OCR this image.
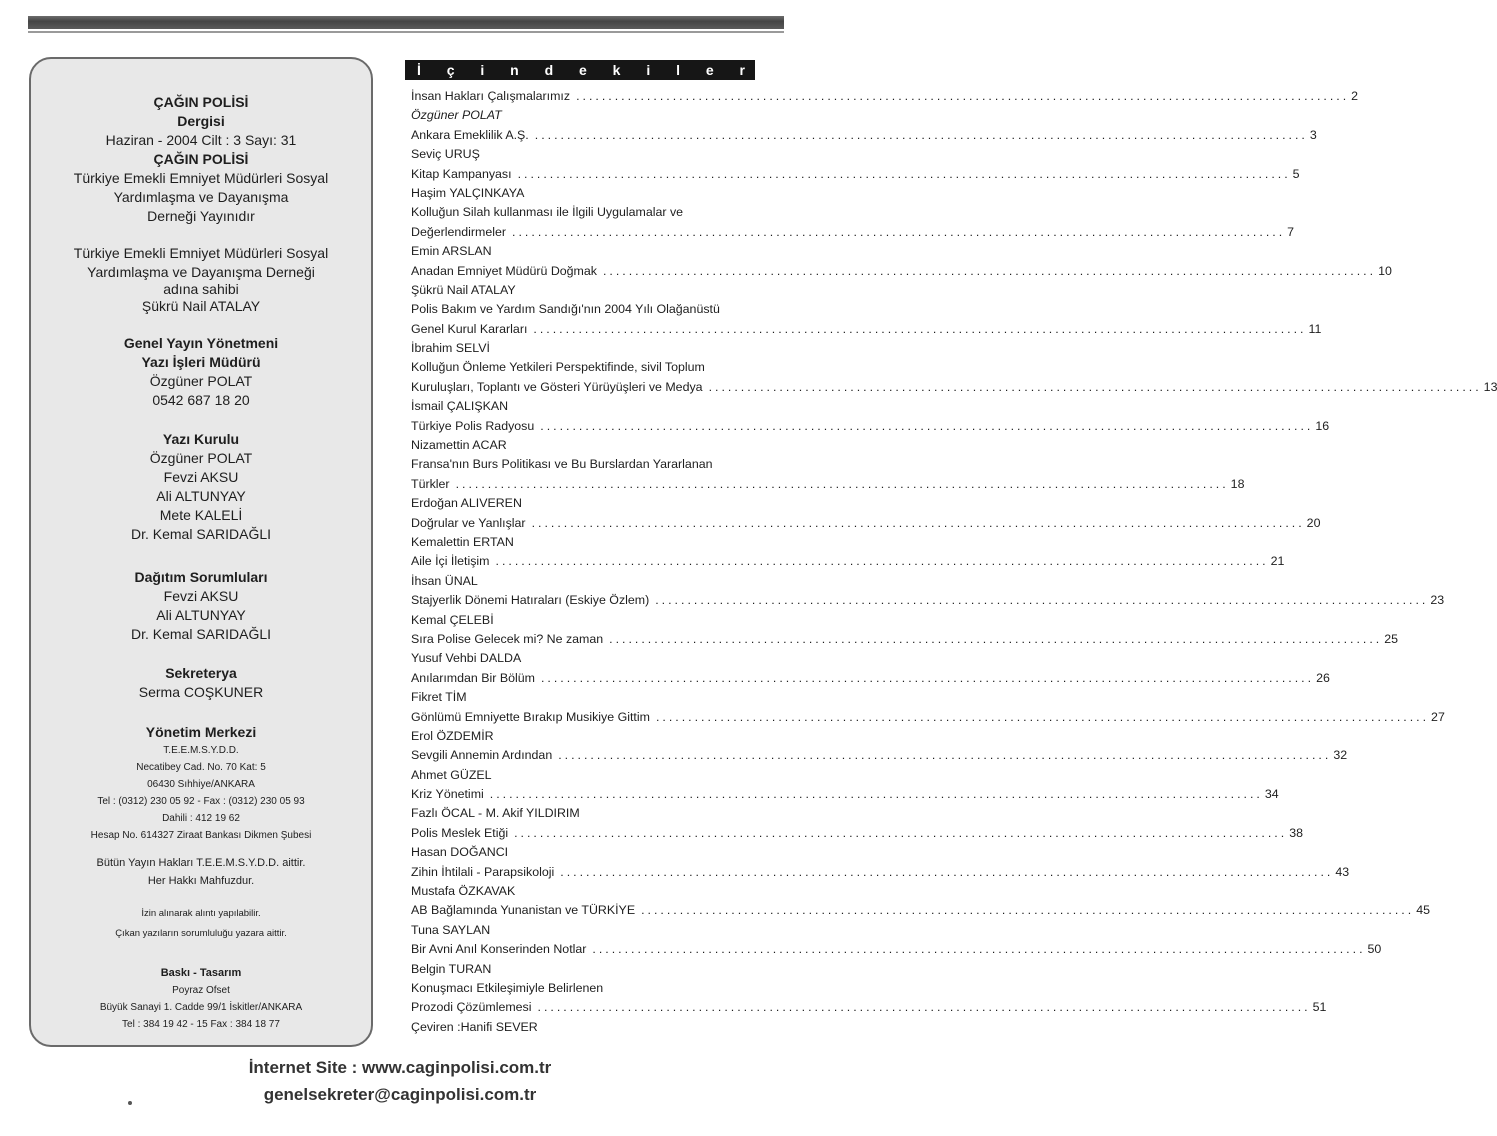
ÇAĞIN POLİSİ
Dergisi
Haziran - 2004 Cilt : 3 Sayı: 31
ÇAĞIN POLİSİ
Türkiye Emekli Emniyet Müdürleri Sosyal
Yardımlaşma ve Dayanışma
Derneği Yayınıdır
Türkiye Emekli Emniyet Müdürleri Sosyal
Yardımlaşma ve Dayanışma Derneği
adına sahibi
Şükrü Nail ATALAY
Genel Yayın Yönetmeni
Yazı İşleri Müdürü
Özgüner POLAT
0542 687 18 20
Yazı Kurulu
Özgüner POLAT
Fevzi AKSU
Ali ALTUNYAY
Mete KALELİ
Dr. Kemal SARIDAĞLI
Dağıtım Sorumluları
Fevzi AKSU
Ali ALTUNYAY
Dr. Kemal SARIDAĞLI
Sekreterya
Serma COŞKUNER
Yönetim Merkezi
T.E.E.M.S.Y.D.D.
Necatibey Cad. No. 70 Kat: 5
06430 Sıhhiye/ANKARA
Tel : (0312) 230 05 92 - Fax : (0312) 230 05 93
Dahili : 412 19 62
Hesap No. 614327 Ziraat Bankası Dikmen Şubesi
Bütün Yayın Hakları T.E.E.M.S.Y.D.D. aittir.
Her Hakkı Mahfuzdur.
İzin alınarak alıntı yapılabilir.
Çıkan yazıların sorumluluğu yazara aittir.
Baskı - Tasarım
Poyraz Ofset
Büyük Sanayi 1. Cadde 99/1 İskitler/ANKARA
Tel : 384 19 42 - 15 Fax : 384 18 77
İ ç i n d e k i l e r
İnsan Hakları Çalışmalarımız ........................................................................................................................ 2
Özgüner POLAT
Ankara Emeklilik A.Ş. ........................................................................................................................ 3
Seviç URUŞ
Kitap Kampanyası ........................................................................................................................ 5
Haşim YALÇINKAYA
Kolluğun Silah kullanması ile İlgili Uygulamalar ve
Değerlendirmeler ........................................................................................................................ 7
Emin ARSLAN
Anadan Emniyet Müdürü Doğmak ........................................................................................................................ 10
Şükrü Nail ATALAY
Polis Bakım ve Yardım Sandığı'nın 2004 Yılı Olağanüstü
Genel Kurul Kararları ........................................................................................................................ 11
İbrahim SELVİ
Kolluğun Önleme Yetkileri Perspektifinde, sivil Toplum
Kuruluşları, Toplantı ve Gösteri Yürüyüşleri ve Medya ........................................................................................................................ 13
İsmail ÇALIŞKAN
Türkiye Polis Radyosu ........................................................................................................................ 16
Nizamettin ACAR
Fransa'nın Burs Politikası ve Bu Burslardan Yararlanan
Türkler ........................................................................................................................ 18
Erdoğan ALIVEREN
Doğrular ve Yanlışlar ........................................................................................................................ 20
Kemalettin ERTAN
Aile İçi İletişim ........................................................................................................................ 21
İhsan ÜNAL
Stajyerlik Dönemi Hatıraları (Eskiye Özlem) ........................................................................................................................ 23
Kemal ÇELEBİ
Sıra Polise Gelecek mi? Ne zaman ........................................................................................................................ 25
Yusuf Vehbi DALDA
Anılarımdan Bir Bölüm ........................................................................................................................ 26
Fikret TİM
Gönlümü Emniyette Bırakıp Musikiye Gittim ........................................................................................................................ 27
Erol ÖZDEMİR
Sevgili Annemin Ardından ........................................................................................................................ 32
Ahmet GÜZEL
Kriz Yönetimi ........................................................................................................................ 34
Fazlı ÖCAL - M. Akif YILDIRIM
Polis Meslek Etiği ........................................................................................................................ 38
Hasan DOĞANCI
Zihin İhtilali - Parapsikoloji ........................................................................................................................ 43
Mustafa ÖZKAVAK
AB Bağlamında Yunanistan ve TÜRKİYE ........................................................................................................................ 45
Tuna SAYLAN
Bir Avni Anıl Konserinden Notlar ........................................................................................................................ 50
Belgin TURAN
Konuşmacı Etkileşimiyle Belirlenen
Prozodi Çözümlemesi ........................................................................................................................ 51
Çeviren :Hanifi SEVER
İnternet Site : www.caginpolisi.com.tr
genelsekreter@caginpolisi.com.tr
